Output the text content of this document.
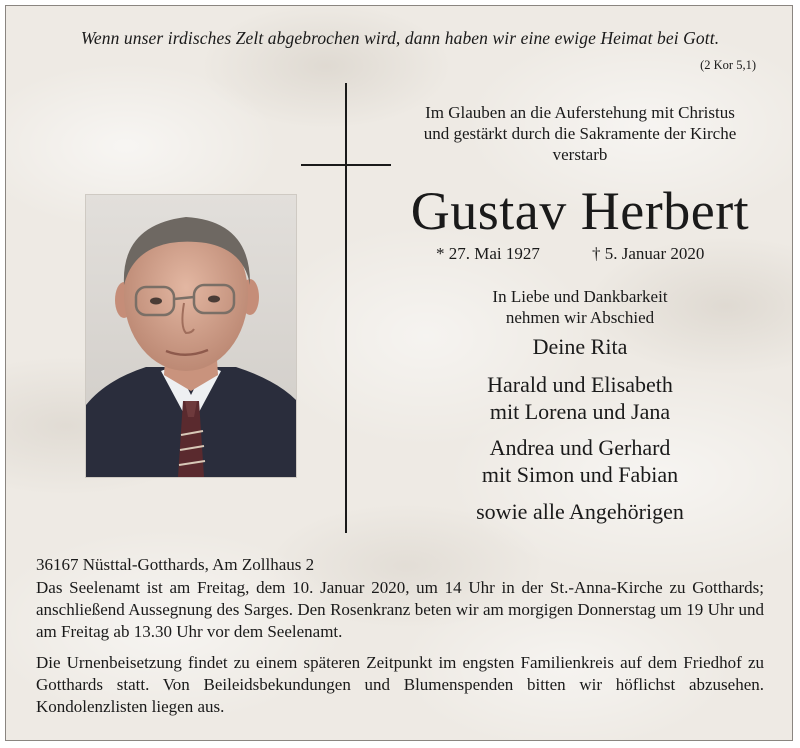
Wenn unser irdisches Zelt abgebrochen wird, dann haben wir eine ewige Heimat bei Gott.
(2 Kor 5,1)
Im Glauben an die Auferstehung mit Christus
und gestärkt durch die Sakramente der Kirche
verstarb
Gustav Herbert
* 27. Mai 1927	† 5. Januar 2020
In Liebe und Dankbarkeit
nehmen wir Abschied
Deine Rita
Harald und Elisabeth
mit Lorena und Jana
Andrea und Gerhard
mit Simon und Fabian
sowie alle Angehörigen
36167 Nüsttal-Gotthards, Am Zollhaus 2
Das Seelenamt ist am Freitag, dem 10. Januar 2020, um 14 Uhr in der St.-Anna-Kirche zu Gotthards; anschließend Aussegnung des Sarges. Den Rosenkranz beten wir am morgigen Donnerstag um 19 Uhr und am Freitag ab 13.30 Uhr vor dem Seelenamt.
Die Urnenbeisetzung findet zu einem späteren Zeitpunkt im engsten Familienkreis auf dem Friedhof zu Gotthards statt. Von Beileidsbekundungen und Blumenspenden bitten wir höflichst abzusehen. Kondolenzlisten liegen aus.
